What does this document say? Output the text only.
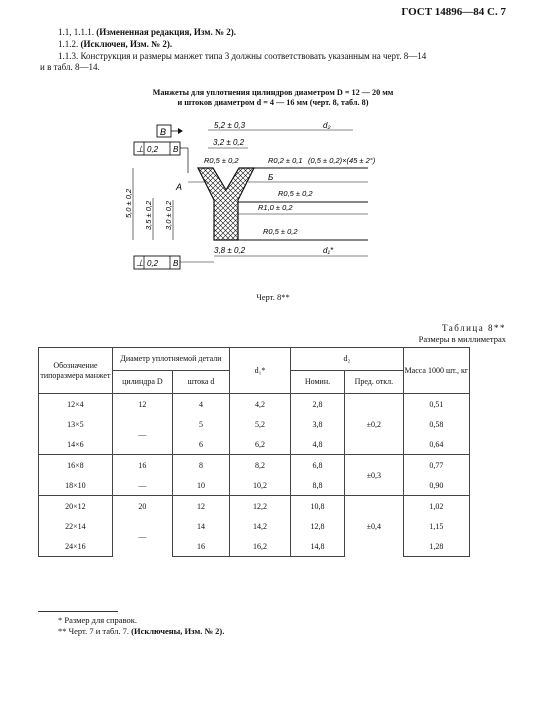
ГОСТ 14896—84 С. 7
1.1, 1.1.1. (Измененная редакция, Изм. № 2).
1.1.2. (Исключен, Изм. № 2).
1.1.3. Конструкция и размеры манжет типа 3 должны соответствовать указанным на черт. 8—14
и в табл. 8—14.
Манжеты для уплотнения цилиндров диаметром D = 12 — 20 мм
и штоков диаметром d = 4 — 16 мм (черт. 8, табл. 8)
B
⊥ 0,2 B
5,2 ± 0,3	d₂
3,2 ± 0,2
R0,5 ± 0,2	R0,2 ± 0,1 (0,5 ± 0,2)×(45 ± 2°)
A
Б
R0,5 ± 0,2
R1,0 ± 0,2
R0,5 ± 0,2
5,0 ± 0,2 3,5 ± 0,2 3,0 ± 0,2
⊥ 0,2 B
3,8 ± 0,2	d₁*
Черт. 8**
Таблица 8**
Размеры в миллиметрах
Обозначение типоразмера манжет	Диаметр уплотняемой детали		d₁*	d₂		Масса 1000 шт., кг
	цилиндра D	штока d		Номин.	Пред. откл.	
12×4	12	4	4,2	2,8	±0,2	0,51
13×5	—	5	5,2	3,8		0,58
14×6		6	6,2	4,8		0,64
16×8	16	8	8,2	6,8	±0,3	0,77
18×10	—	10	10,2	8,8		0,90
20×12	20	12	12,2	10,8	±0,4	1,02
22×14	—	14	14,2	12,8		1,15
24×16		16	16,2	14,8		1,28
* Размер для справок.
** Черт. 7 и табл. 7. (Исключены, Изм. № 2).
